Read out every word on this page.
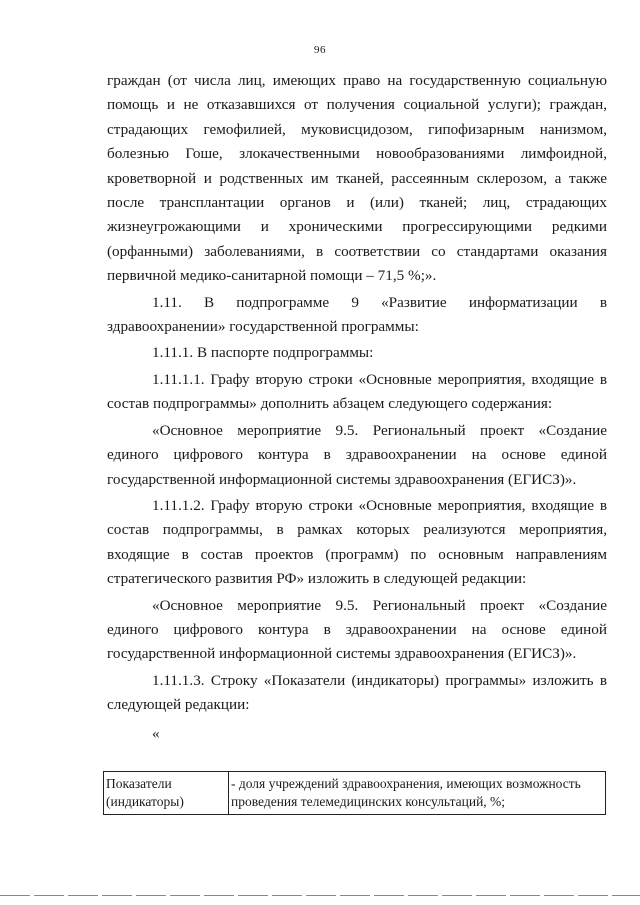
96

граждан (от числа лиц, имеющих право на государственную социальную помощь и не отказавшихся от получения социальной услуги); граждан, страдающих гемофилией, муковисцидозом, гипофизарным нанизмом, болезнью Гоше, злокачественными новообразованиями лимфоидной, кроветворной и родственных им тканей, рассеянным склерозом, а также после трансплантации органов и (или) тканей; лиц, страдающих жизнеугрожающими и хроническими прогрессирующими редкими (орфанными) заболеваниями, в соответствии со стандартами оказания первичной медико-санитарной помощи – 71,5 %;».

1.11. В подпрограмме 9 «Развитие информатизации в здравоохранении» государственной программы:

1.11.1. В паспорте подпрограммы:

1.11.1.1. Графу вторую строки «Основные мероприятия, входящие в состав подпрограммы» дополнить абзацем следующего содержания:

«Основное мероприятие 9.5. Региональный проект «Создание единого цифрового контура в здравоохранении на основе единой государственной информационной системы здравоохранения (ЕГИСЗ)».

1.11.1.2. Графу вторую строки «Основные мероприятия, входящие в состав подпрограммы, в рамках которых реализуются мероприятия, входящие в состав проектов (программ) по основным направлениям стратегического развития РФ» изложить в следующей редакции:

«Основное мероприятие 9.5. Региональный проект «Создание единого цифрового контура в здравоохранении на основе единой государственной информационной системы здравоохранения (ЕГИСЗ)».

1.11.1.3. Строку «Показатели (индикаторы) программы» изложить в следующей редакции:

«

Показатели (индикаторы)	- доля учреждений здравоохранения, имеющих возможность проведения телемедицинских консультаций, %;
